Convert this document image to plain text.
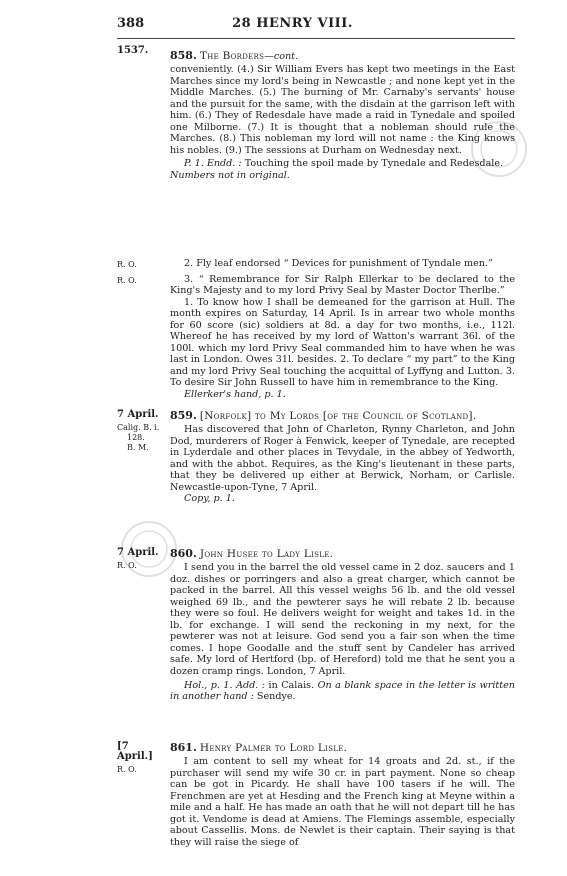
388	28 HENRY VIII.
1537.	858. The Borders—cont.

conveniently. (4.) Sir William Evers has kept two meetings in the East Marches since my lord's being in Newcastle ; and none kept yet in the Middle Marches. (5.) The burning of Mr. Carnaby's servants' house and the pursuit for the same, with the disdain at the garrison left with him. (6.) They of Redesdale have made a raid in Tynedale and spoiled one Milborne. (7.) It is thought that a nobleman should rule the Marches. (8.) This nobleman my lord will not name : the King knows his nobles. (9.) The sessions at Durham on Wednesday next.

P. 1. Endd. : Touching the spoil made by Tynedale and Redesdale.

Numbers not in original.

R. O.	2. Fly leaf endorsed “ Devices for punishment of Tyndale men.”
R. O.	3. “ Remembrance for Sir Ralph Ellerkar to be declared to the King's Majesty and to my lord Privy Seal by Master Doctor Therlbe.”

1. To know how I shall be demeaned for the garrison at Hull. The month expires on Saturday, 14 April. Is in arrear two whole months for 60 score (sic) soldiers at 8d. a day for two months, i.e., 112l. Whereof he has received by my lord of Watton's warrant 36l. of the 100l. which my lord Privy Seal commanded him to have when he was last in London. Owes 31l. besides. 2. To declare “ my part” to the King and my lord Privy Seal touching the acquittal of Lyffyng and Lutton. 3. To desire Sir John Russell to have him in remembrance to the King.

Ellerker's hand, p. 1.

7 April.
Calig. B. i.
128.
B. M.

859. [Norfolk] to My Lords [of the Council of Scotland].

Has discovered that John of Charleton, Rynny Charleton, and John Dod, murderers of Roger à Fenwick, keeper of Tynedale, are recepted in Lyderdale and other places in Tevydale, in the abbey of Yedworth, and with the abbot. Requires, as the King's lieutenant in these parts, that they be delivered up either at Berwick, Norham, or Carlisle. Newcastle-upon-Tyne, 7 April.

Copy, p. 1.

7 April.
R. O.

860. John Husee to Lady Lisle.

I send you in the barrel the old vessel came in 2 doz. saucers and 1 doz. dishes or porringers and also a great charger, which cannot be packed in the barrel. All this vessel weighs 56 lb. and the old vessel weighed 69 lb., and the pewterer says he will rebate 2 lb. because they were so foul. He delivers weight for weight and takes 1d. in the lb. for exchange. I will send the reckoning in my next, for the pewterer was not at leisure. God send you a fair son when the time comes. I hope Goodalle and the stuff sent by Candeler has arrived safe. My lord of Hertford (bp. of Hereford) told me that he sent you a dozen cramp rings. London, 7 April.

Hol., p. 1. Add. : in Calais. On a blank space in the letter is written in another hand : Sendye.

[7 April.]
R. O.

861. Henry Palmer to Lord Lisle.

I am content to sell my wheat for 14 groats and 2d. st., if the purchaser will send my wife 30 cr. in part payment. None so cheap can be got in Picardy. He shall have 100 tasers if he will. The Frenchmen are yet at Hesding and the French king at Meyne within a mile and a half. He has made an oath that he will not depart till he has got it. Vendome is dead at Amiens. The Flemings assemble, especially about Cassellis. Mons. de Newlet is their captain. Their saying is that they will raise the siege of
